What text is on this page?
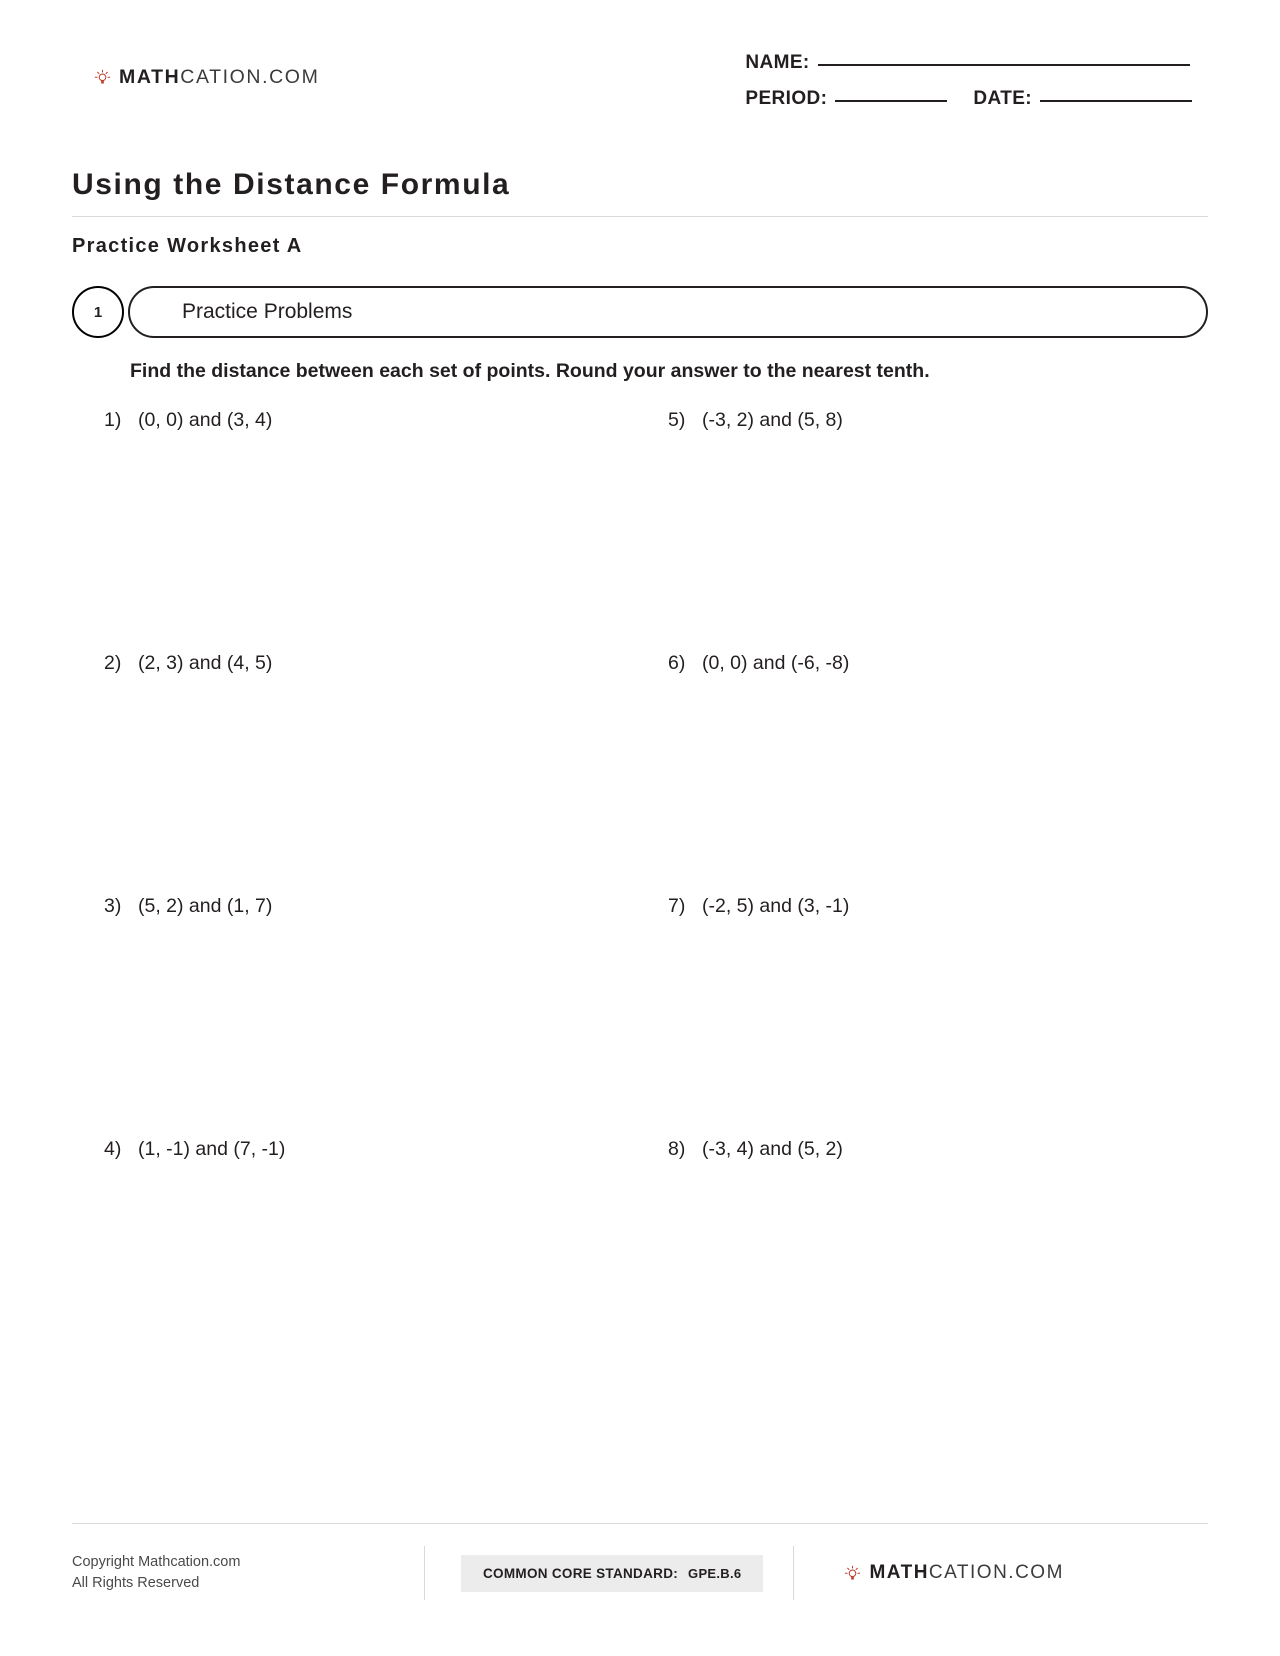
MATHCATION.COM
NAME:
PERIOD:	DATE:
Using the Distance Formula
Practice Worksheet A
Practice Problems
1
Find the distance between each set of points. Round your answer to the nearest tenth.
1) (0, 0) and (3, 4)	5) (-3, 2) and (5, 8)
2) (2, 3) and (4, 5)	6) (0, 0) and (-6, -8)
3) (5, 2) and (1, 7)	7) (-2, 5) and (3, -1)
4) (1, -1) and (7, -1)	8) (-3, 4) and (5, 2)
Copyright Mathcation.com
All Rights Reserved
COMMON CORE STANDARD: GPE.B.6	MATHCATION.COM
